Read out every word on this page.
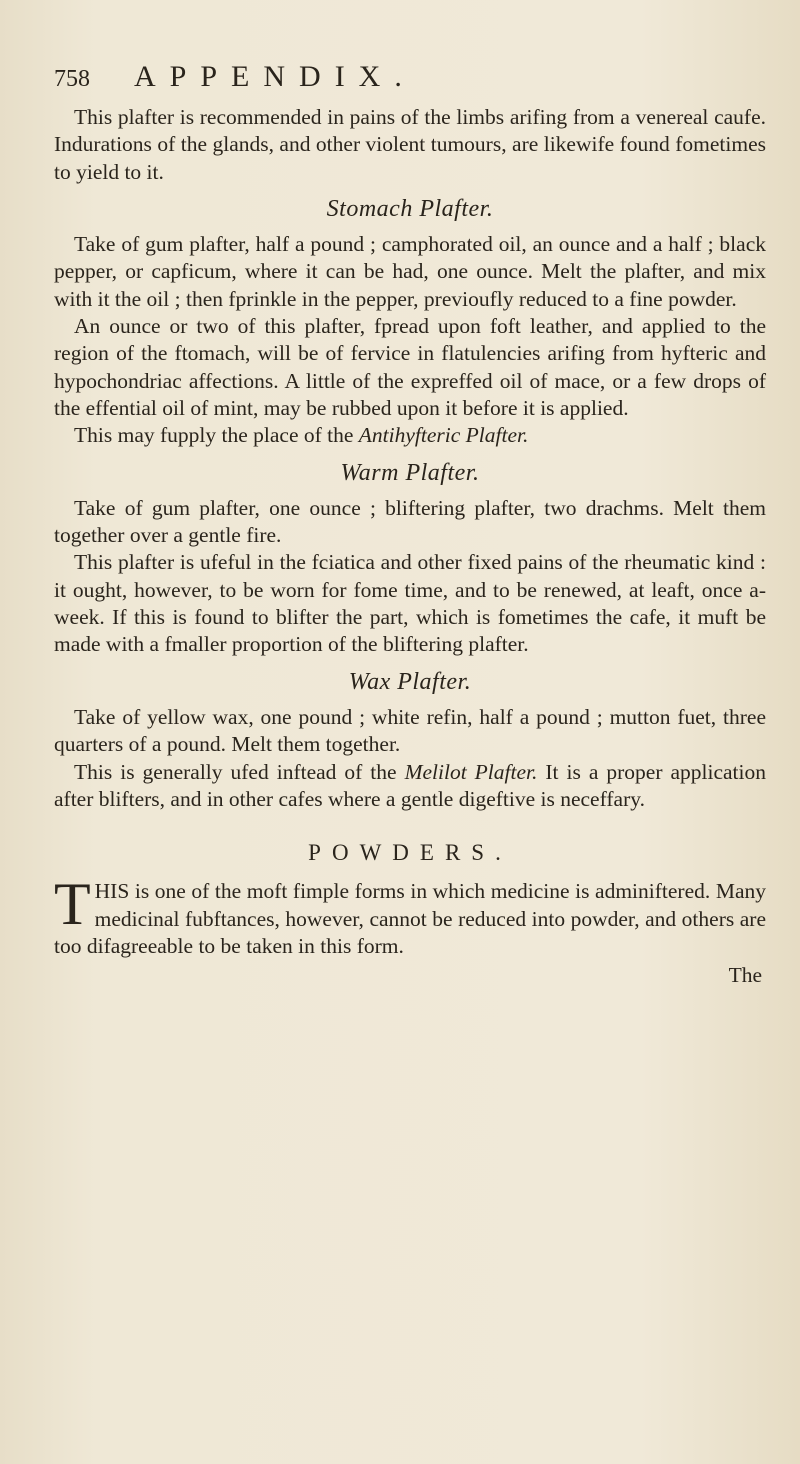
758	APPENDIX.

This plafter is recommended in pains of the limbs arifing from a venereal caufe. Indurations of the glands, and other violent tumours, are likewife found fometimes to yield to it.

Stomach Plafter.

Take of gum plafter, half a pound ; camphorated oil, an ounce and a half ; black pepper, or capficum, where it can be had, one ounce. Melt the plafter, and mix with it the oil ; then fprinkle in the pepper, previoufly reduced to a fine powder.

An ounce or two of this plafter, fpread upon foft leather, and applied to the region of the ftomach, will be of fervice in flatulencies arifing from hyfteric and hypochondriac affections. A little of the expreffed oil of mace, or a few drops of the effential oil of mint, may be rubbed upon it before it is applied.

This may fupply the place of the Antihyfteric Plafter.

Warm Plafter.

Take of gum plafter, one ounce ; bliftering plafter, two drachms. Melt them together over a gentle fire.

This plafter is ufeful in the fciatica and other fixed pains of the rheumatic kind : it ought, however, to be worn for fome time, and to be renewed, at leaft, once a-week. If this is found to blifter the part, which is fometimes the cafe, it muft be made with a fmaller proportion of the bliftering plafter.

Wax Plafter.

Take of yellow wax, one pound ; white refin, half a pound ; mutton fuet, three quarters of a pound. Melt them together.

This is generally ufed inftead of the Melilot Plafter. It is a proper application after blifters, and in other cafes where a gentle digeftive is neceffary.

POWDERS.
T HIS is one of the moft fimple forms in which medicine is adminiftered. Many medicinal fubftances, however, cannot be reduced into powder, and others are too difagreeable to be taken in this form.

The
